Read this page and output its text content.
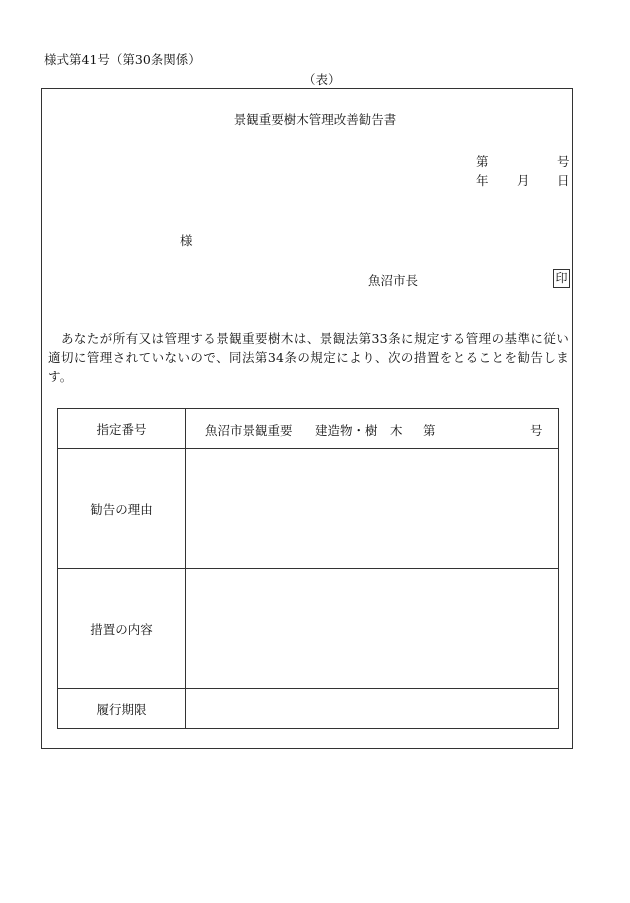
様式第41号（第30条関係）
（表）
景観重要樹木管理改善勧告書
第	号
年 月 日
様
魚沼市長	印
　あなたが所有又は管理する景観重要樹木は、景観法第33条に規定する管理の基準に従い適切に管理されていないので、同法第34条の規定により、次の措置をとることを勧告します。
指定番号	魚沼市景観重要 建造物・樹　木 第 号

勧告の理由	
措置の内容	
履行期限	
